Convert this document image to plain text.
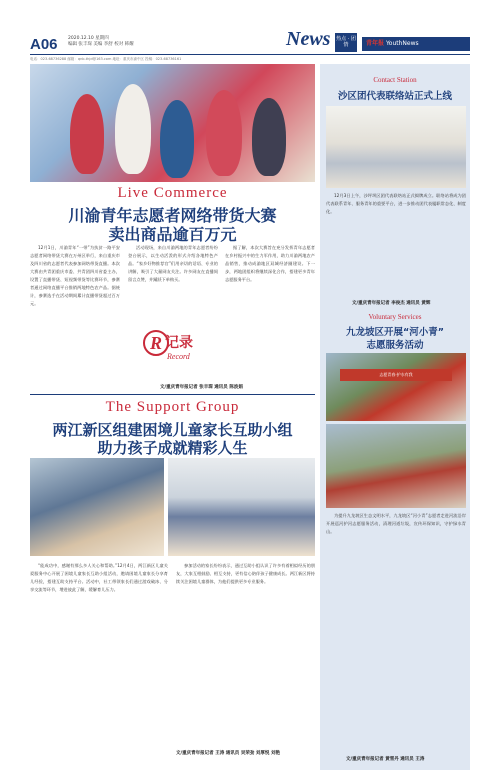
A06 2020.12.10 星期四
编辑 张丰琛 美编 李舒 校对 韩耀
电话：023-68736288 邮箱：qnb-thjd@163.com 地址：重庆市渝中区 投稿：023-68736161
News 热点 · 团情	青年报 YouthNews
Live Commerce
川渝青年志愿者网络带货大赛
卖出商品逾百万元

12月1日，川渝青年“一带”为扶贫一路平安志愿者网络带货大赛在万州区举行，来自重庆市及四川省的志愿者代表参加网络带货直播。本次大赛由共青团重庆市委、共青团四川省委主办，设置了直播带货、短视频带货等比赛环节，参赛者通过网络直播平台推销两地特色农产品。据统计，参赛选手在活动期间累计直播带货超过百万元。

活动现场，来自川渝两地的青年志愿者纷纷登台展示，以生动活泼的形式介绍各地特色产品。“家乡好物推荐官”们用亲切的话语、专业的讲解，吸引了大量网友关注。许多网友在直播间留言点赞，并踊跃下单购买。

据了解，本次大赛旨在充分发挥青年志愿者在乡村振兴中的生力军作用，助力川渝两地农产品销售，推动成渝地区双城经济圈建设。下一步，两地团组织将继续深化合作，搭建更多青年志愿服务平台。

R 记录
Record
文/重庆青年报记者 张丰琛 通讯员 陈波娟
The Support Group
两江新区组建困境儿童家长互助小组
助力孩子成就精彩人生

“能成功中，感谢有那么多人关心和帮助。”12月4日，两江新区儿童关爱服务中心开展了困境儿童家长互助小组活动，邀请困境儿童家长分享育儿经验，搭建互助支持平台。活动中，社工带领家长们通过游戏破冰、分享交流等环节，增进彼此了解，缓解育儿压力。

参加活动的家长纷纷表示，通过互助小组认识了许多有着相似经历的朋友，大家互相鼓励、相互支持，更有信心陪伴孩子健康成长。两江新区将持续关注困境儿童群体，为他们提供更多专业服务。

文/重庆青年报记者 王涛 通讯员 吴荣劲 刘厚悦 刘艳
Contact Station
沙区团代表联络站正式上线

12月3日上午，沙坪坝区团代表联络站正式揭牌成立。联络站将成为团代表联系青年、服务青年的重要平台，进一步推动团代表履职常态化、制度化。

文/重庆青年报记者 李俊杰 通讯员 黄辉
Voluntary Services
九龙坡区开展“河小青”
志愿服务活动
志愿青春·护水有我

为提升九龙坡区生态文明水平，九龙坡区“河小青”志愿者走进河流沿岸开展巡河护河志愿服务活动，清理河道垃圾，宣传环保知识，守护绿水青山。

文/重庆青年报记者 黄雪丹 通讯员 王涛
